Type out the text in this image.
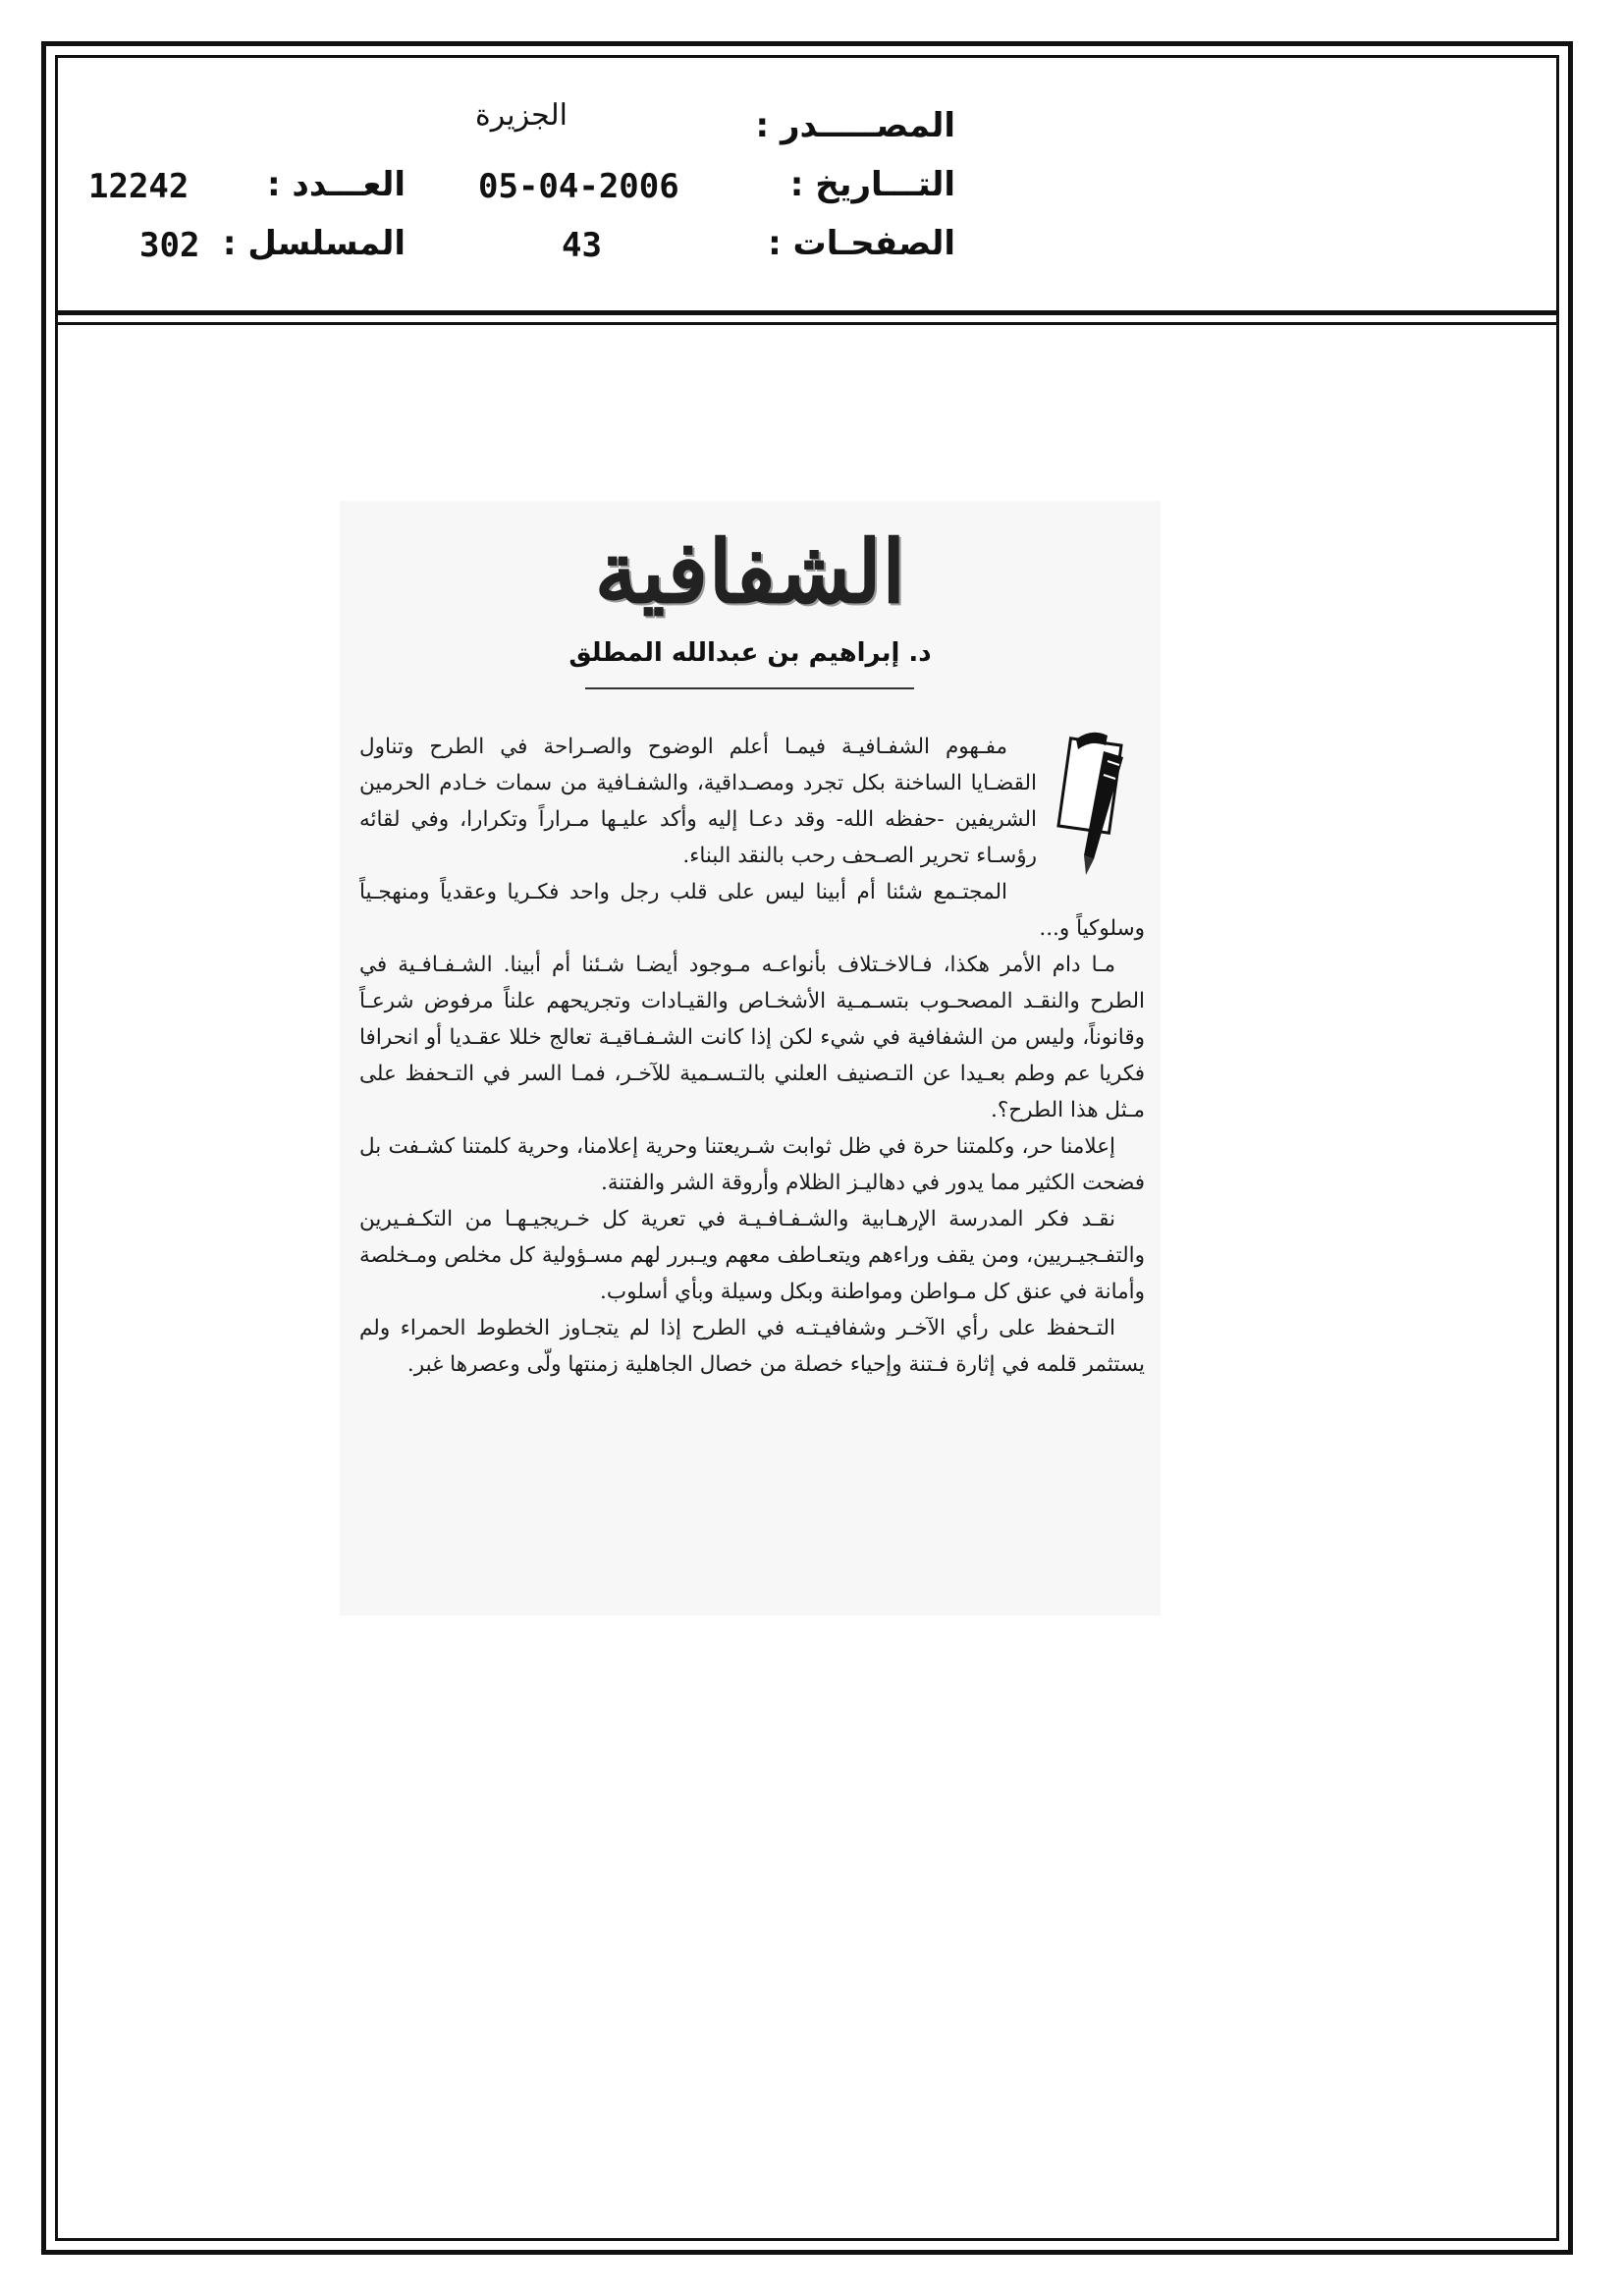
المصـــــدر :
التـــاريخ :
الصفحـات :
الجزيرة
05-04-2006
43
العـــدد :
المسلسل :
12242
302
الشفافية
د. إبراهيم بن عبدالله المطلق

مفـهوم الشفـافيـة فيمـا أعلم الوضوح والصـراحة في الطرح وتناول القضـايا الساخنة بكل تجرد ومصـداقية، والشفـافية من سمات خـادم الحرمين الشريفين -حفظه الله- وقد دعـا إليه وأكد عليـها مـراراً وتكرارا، وفي لقائه رؤسـاء تحرير الصـحف رحب بالنقد البناء.

المجتـمع شئنا أم أبينا ليس على قلب رجل واحد فكـريا وعقدياً ومنهجـياً وسلوكياً و...

مـا دام الأمر هكذا، فـالاخـتلاف بأنواعـه مـوجود أيضـا شـئنا أم أبينا. الشـفـافـية في الطرح والنقـد المصحـوب بتسـمـية الأشخـاص والقيـادات وتجريحهم علناً مرفوض شرعـاً وقانوناً، وليس من الشفافية في شيء لكن إذا كانت الشـفـاقيـة تعالج خللا عقـديا أو انحرافا فكريا عم وطم بعـيدا عن التـصنيف العلني بالتـسـمية للآخـر، فمـا السر في التـحفظ على مـثل هذا الطرح؟.

إعلامنا حر، وكلمتنا حرة في ظل ثوابت شـريعتنا وحرية إعلامنا، وحرية كلمتنا كشـفت بل فضحت الكثير مما يدور في دهاليـز الظلام وأروقة الشر والفتنة.

نقـد فكر المدرسة الإرهـابية والشـفـافـيـة في تعرية كل خـريجيـهـا من التكـفـيرين والتفـجيـريين، ومن يقف وراءهم ويتعـاطف معهم ويـبرر لهم مسـؤولية كل مخلص ومـخلصة وأمانة في عنق كل مـواطن ومواطنة وبكل وسيلة وبأي أسلوب.

التـحفظ على رأي الآخـر وشفافيـتـه في الطرح إذا لم يتجـاوز الخطوط الحمراء ولم يستثمر قلمه في إثارة فـتنة وإحياء خصلة من خصال الجاهلية زمنتها ولّى وعصرها غبر.
